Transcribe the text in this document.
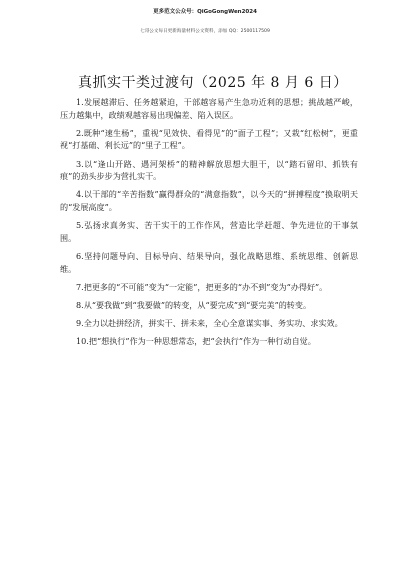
更多范文公众号：QiGoGongWen2024
七哥公文每日更新海量材料公文资料，添加 QQ：2500117509
真抓实干类过渡句（2025 年 8 月 6 日）

1.发展越滞后、任务越紧迫，干部越容易产生急功近利的思想；挑战越严峻，压力越集中，政绩观越容易出现偏差、陷入误区。

2.既种“速生杨”，重视“见效快、看得见”的“面子工程”；又栽“红松树”，更重视“打基础、利长远”的“里子工程”。

3.以“逢山开路、遇河架桥”的精神解放思想大胆干，以“踏石留印、抓铁有痕”的劲头步步为营扎实干。

4.以干部的“辛苦指数”赢得群众的“满意指数”，以今天的“拼搏程度”换取明天的“发展高度”。

5.弘扬求真务实、苦干实干的工作作风，营造比学赶超、争先进位的干事氛围。

6.坚持问题导向、目标导向、结果导向，强化战略思维、系统思维、创新思维。

7.把更多的“不可能”变为“一定能”，把更多的“办不到”变为“办得好”。

8.从“要我做”到“我要做”的转变，从“要完成”到“要完美”的转变。

9.全力以赴拼经济，拼实干、拼未来，全心全意谋实事、务实功、求实效。

10.把“想执行”作为一种思想常态，把“会执行”作为一种行动自觉。
